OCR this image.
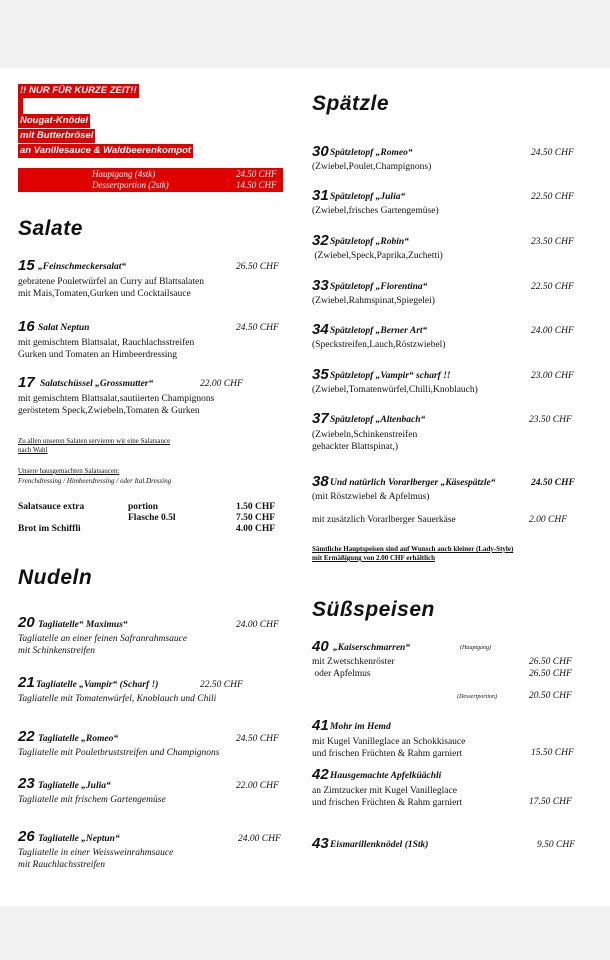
!! NUR FÜR KURZE ZEIT!!
Nougat-Knödel
mit Butterbrösel
an Vanillesauce & Waldbeerenkompot
Hauptgang (4stk)	24.50 CHF
Dessertportion (2stk)	14.50 CHF
Salate
15 „Feinschmeckersalat“	26.50 CHF
gebratene Pouletwürfel an Curry auf Blattsalaten
mit Mais,Tomaten,Gurken und Cocktailsauce
16 Salat Neptun	24.50 CHF
mit gemischtem Blattsalat, Rauchlachsstreifen
Gurken und Tomaten an Himbeerdressing
17 Salatschüssel „Grossmutter“	22.00 CHF
mit gemischtem Blattsalat,sautiierten Champignons
geröstetem Speck,Zwiebeln,Tomaten & Gurken
Zu allen unseren Salaten servieren wir eine Salatsauce
nach Wahl
Unsere hausgemachten Salatsaucen:
Frenchdressing / Himbeerdressing / oder Ital.Dressing
Salatsauce extra	portion	1.50 CHF
Flasche 0.5l	7.50 CHF
Brot im Schiffli	4.00 CHF
Nudeln
20 Tagliatelle“ Maximus“	24.00 CHF
Tagliatelle an einer feinen Safranrahmsauce
mit Schinkenstreifen
21 Tagliatelle „Vampir“ (Scharf !)	22.50 CHF
Tagliatelle mit Tomatenwürfel, Knoblauch und Chili
22 Tagliatelle „Romeo“	24.50 CHF
Tagliatelle mit Pouletbruststreifen und Champignons
23 Tagliatelle „Julia“	22.00 CHF
Tagliatelle mit frischem Gartengemüse
26 Tagliatelle „Neptun“	24.00 CHF
Tagliatelle in einer Weissweinrahmsauce
mit Rauchlachsstreifen
Spätzle
30 Spätzletopf „Romeo“	24.50 CHF
(Zwiebel,Poulet,Champignons)
31 Spätzletopf „Julia“	22.50 CHF
(Zwiebel,frisches Gartengemüse)
32 Spätzletopf „Robin“	23.50 CHF
(Zwiebel,Speck,Paprika,Zuchetti)
33 Spätzletopf „Fiorentina“	22.50 CHF
(Zwiebel,Rahmspinat,Spiegelei)
34 Spätzletopf „Berner Art“	24.00 CHF
(Speckstreifen,Lauch,Röstzwiebel)
35 Spätzletopf „Vampir“ scharf !!	23.00 CHF
(Zwiebel,Tomatenwürfel,Chilli,Knoblauch)
37 Spätzletopf „Altenbach“	23.50 CHF
(Zwiebeln,Schinkenstreifen
gehackter Blattspinat,)
38 Und natürlich Vorarlberger „Käsespätzle“	24.50 CHF
(mit Röstzwiebel & Apfelmus)
mit zusätzlich Vorarlberger Sauerkäse	2.00 CHF
Sämtliche Hauptspeisen sind auf Wunsch auch kleiner (Lady-Style)
mit Ermäßigung von 2.00 CHF erhältlich
Süßspeisen
40 „Kaiserschmarren“	(Hauptgang)
mit Zwetschkenröster	26.50 CHF
oder Apfelmus	26.50 CHF
(Dessertportion)	20.50 CHF
41 Mohr im Hemd
mit Kugel Vanilleglace an Schokkisauce
und frischen Früchten & Rahm garniert	15.50 CHF
42 Hausgemachte Apfelküächli
an Zimtzucker mit Kugel Vanilleglace
und frischen Früchten & Rahm garniert	17.50 CHF
43 Eismarillenknödel (1Stk)	9.50 CHF
